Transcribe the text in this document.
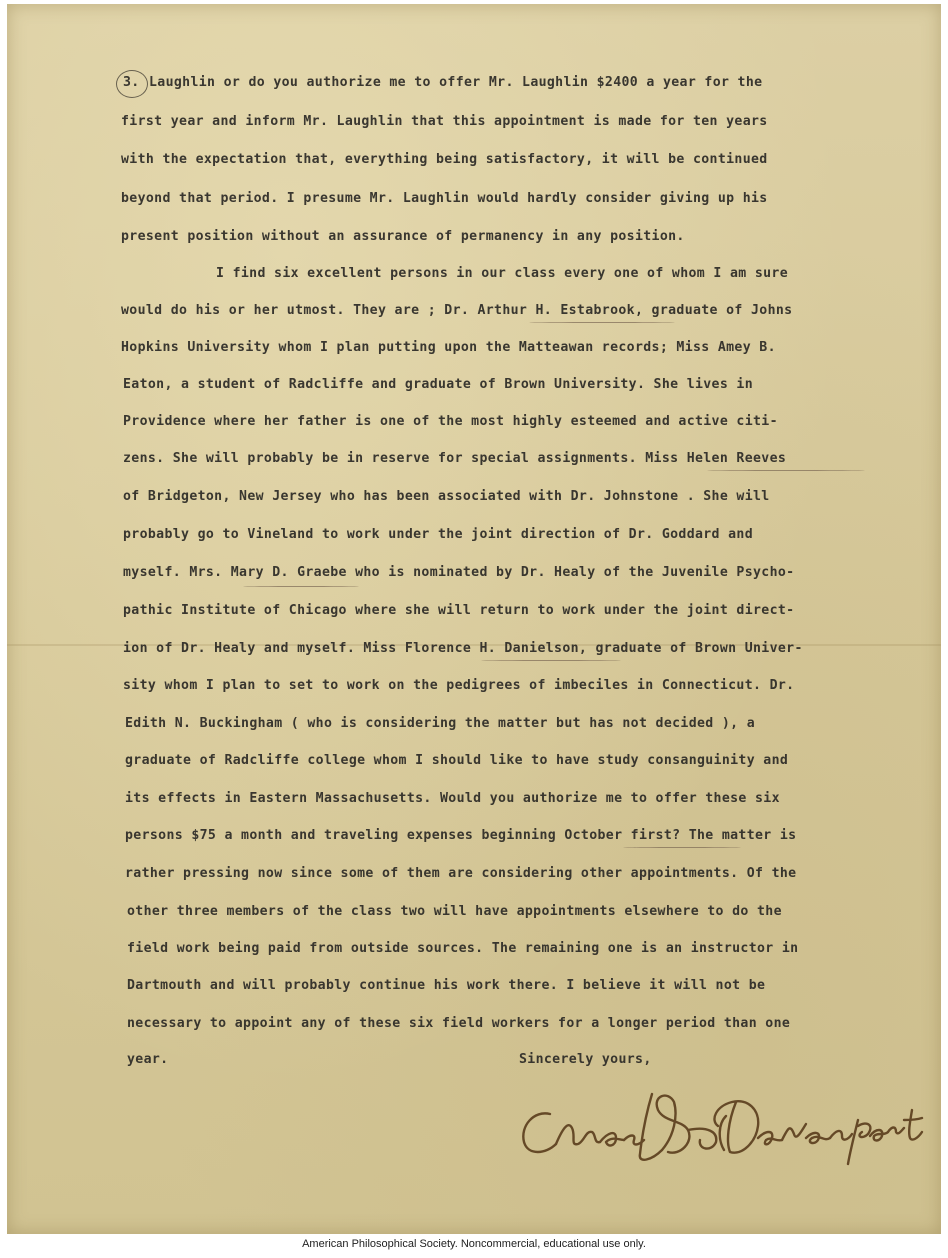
3. Laughlin or do you authorize me to offer Mr. Laughlin $2400 a year for the
first year and inform Mr. Laughlin that this appointment is made for ten years
with the expectation that, everything being satisfactory, it will be continued
beyond that period. I presume Mr. Laughlin would hardly consider giving up his
present position without an assurance of permanency in any position.
I find six excellent persons in our class every one of whom I am sure
would do his or her utmost. They are ; Dr. Arthur H. Estabrook, graduate of Johns
Hopkins University whom I plan putting upon the Matteawan records; Miss Amey B.
Eaton, a student of Radcliffe and graduate of Brown University. She lives in
Providence where her father is one of the most highly esteemed and active citi-
zens. She will probably be in reserve for special assignments. Miss Helen Reeves
of Bridgeton, New Jersey who has been associated with Dr. Johnstone . She will
probably go to Vineland to work under the joint direction of Dr. Goddard and
myself. Mrs. Mary D. Graebe who is nominated by Dr. Healy of the Juvenile Psycho-
pathic Institute of Chicago where she will return to work under the joint direct-
ion of Dr. Healy and myself. Miss Florence H. Danielson, graduate of Brown Univer-
sity whom I plan to set to work on the pedigrees of imbeciles in Connecticut. Dr.
Edith N. Buckingham ( who is considering the matter but has not decided ), a
graduate of Radcliffe college whom I should like to have study consanguinity and
its effects in Eastern Massachusetts. Would you authorize me to offer these six
persons $75 a month and traveling expenses beginning October first? The matter is
rather pressing now since some of them are considering other appointments. Of the
other three members of the class two will have appointments elsewhere to do the
field work being paid from outside sources. The remaining one is an instructor in
Dartmouth and will probably continue his work there. I believe it will not be
necessary to appoint any of these six field workers for a longer period than one
year.	Sincerely yours,
American Philosophical Society. Noncommercial, educational use only.
